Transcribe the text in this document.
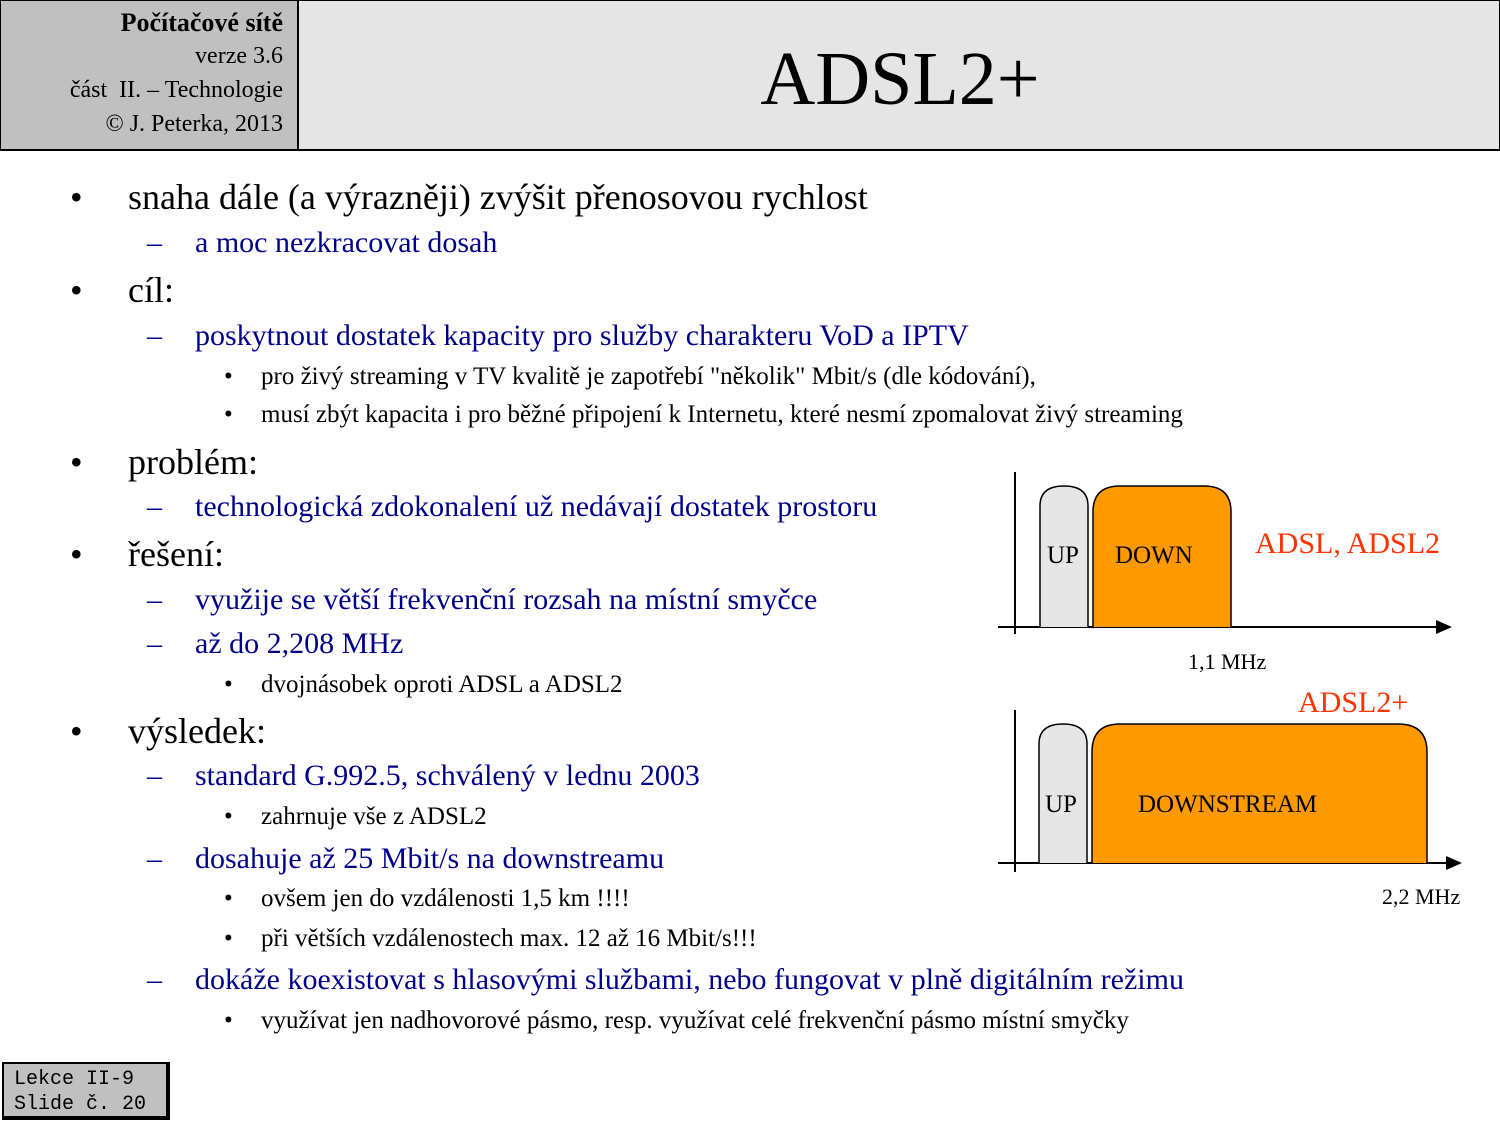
Počítačové sítě
verze 3.6
část  II. – Technologie
© J. Peterka, 2013
ADSL2+
• snaha dále (a výrazněji) zvýšit přenosovou rychlost
– a moc nezkracovat dosah
• cíl:
– poskytnout dostatek kapacity pro služby charakteru VoD a IPTV
• pro živý streaming v TV kvalitě je zapotřebí "několik" Mbit/s (dle kódování),
• musí zbýt kapacita i pro běžné připojení k Internetu, které nesmí zpomalovat živý streaming
• problém:
– technologická zdokonalení už nedávají dostatek prostoru
• řešení:
– využije se větší frekvenční rozsah na místní smyčce
– až do 2,208 MHz
• dvojnásobek oproti ADSL a ADSL2
• výsledek:
– standard G.992.5, schválený v lednu 2003
• zahrnuje vše z ADSL2
– dosahuje až 25 Mbit/s na downstreamu
• ovšem jen do vzdálenosti 1,5 km !!!!
• při větších vzdálenostech max. 12 až 16 Mbit/s!!!
– dokáže koexistovat s hlasovými službami, nebo fungovat v plně digitálním režimu
• využívat jen nadhovorové pásmo, resp. využívat celé frekvenční pásmo místní smyčky
UP DOWN ADSL, ADSL2
1,1 MHz
ADSL2+
UP DOWNSTREAM
2,2 MHz
Lekce II-9
Slide č. 20
